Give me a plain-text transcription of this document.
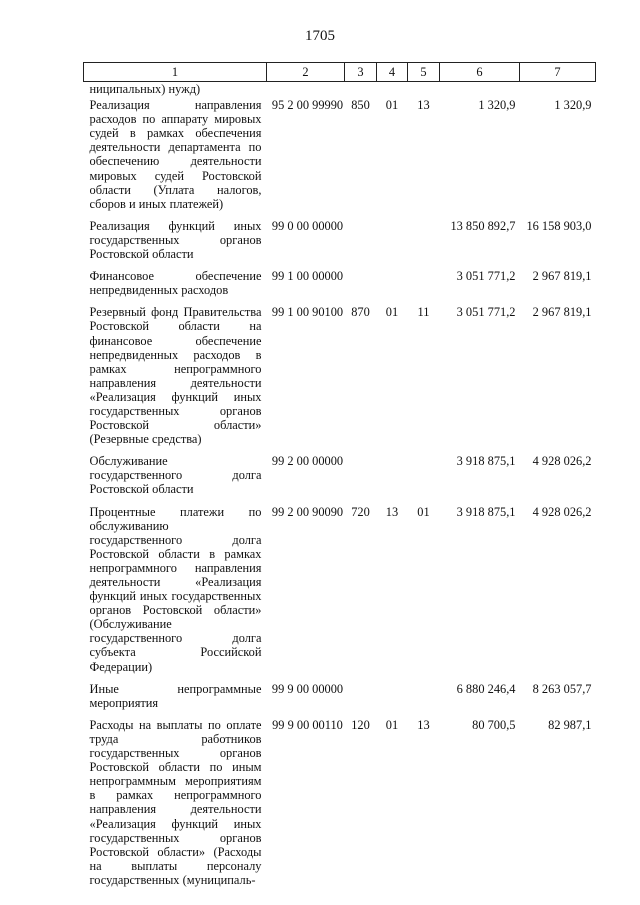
1705
1	2	3	4	5	6	7
ниципальных) нужд)						
Реализация направления расходов по аппарату мировых судей в рамках обеспечения деятельности департамента по обеспечению деятельности мировых судей Ростовской области (Уплата налогов, сборов и иных платежей)	95 2 00 99990	850	01	13	1 320,9	1 320,9
Реализация функций иных государственных органов Ростовской области	99 0 00 00000				13 850 892,7	16 158 903,0
Финансовое обеспечение непредвиденных расходов	99 1 00 00000				3 051 771,2	2 967 819,1
Резервный фонд Правительства Ростовской области на финансовое обеспечение непредвиденных расходов в рамках непрограммного направления деятельности «Реализация функций иных государственных органов Ростовской области» (Резервные средства)	99 1 00 90100	870	01	11	3 051 771,2	2 967 819,1
Обслуживание государственного долга Ростовской области	99 2 00 00000				3 918 875,1	4 928 026,2
Процентные платежи по обслуживанию государственного долга Ростовской области в рамках непрограммного направления деятельности «Реализация функций иных государственных органов Ростовской области» (Обслуживание государственного долга субъекта Российской Федерации)	99 2 00 90090	720	13	01	3 918 875,1	4 928 026,2
Иные непрограммные мероприятия	99 9 00 00000				6 880 246,4	8 263 057,7
Расходы на выплаты по оплате труда работников государственных органов Ростовской области по иным непрограммным мероприятиям в рамках непрограммного направления деятельности «Реализация функций иных государственных органов Ростовской области» (Расходы на выплаты персоналу государственных (муниципаль-	99 9 00 00110	120	01	13	80 700,5	82 987,1
